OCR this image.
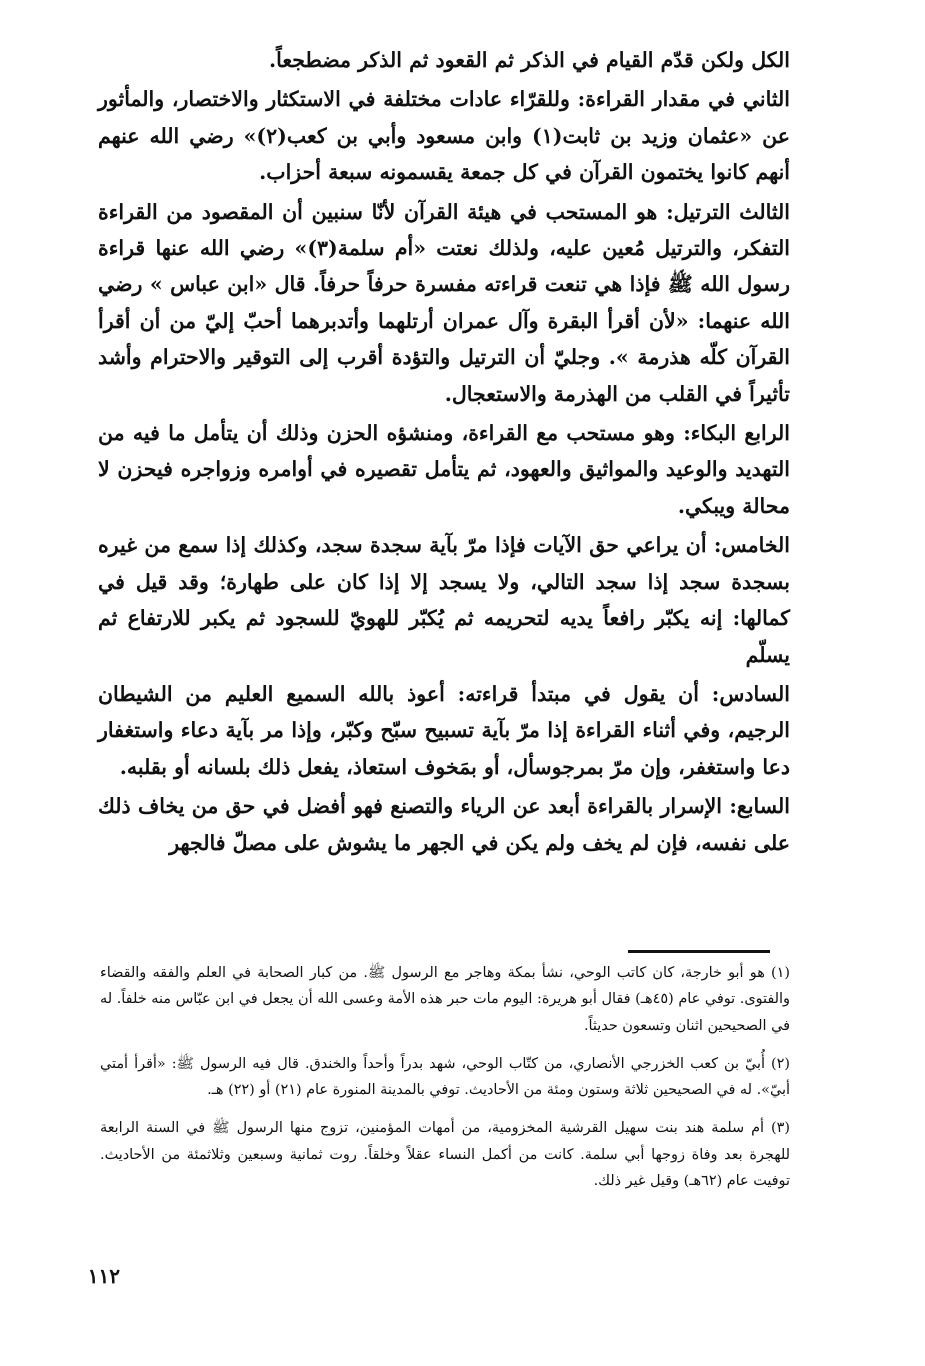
الكل ولكن قدّم القيام في الذكر ثم القعود ثم الذكر مضطجعاً.

الثاني في مقدار القراءة: وللقرّاء عادات مختلفة في الاستكثار والاختصار، والمأثور عن «عثمان وزيد بن ثابت(١) وابن مسعود وأبي بن كعب(٢)» رضي الله عنهم أنهم كانوا يختمون القرآن في كل جمعة يقسمونه سبعة أحزاب.

الثالث الترتيل: هو المستحب في هيئة القرآن لأنّا سنبين أن المقصود من القراءة التفكر، والترتيل مُعين عليه، ولذلك نعتت «أم سلمة(٣)» رضي الله عنها قراءة رسول الله ﷺ فإذا هي تنعت قراءته مفسرة حرفاً حرفاً. قال «ابن عباس » رضي الله عنهما: «لأن أقرأ البقرة وآل عمران أرتلهما وأتدبرهما أحبّ إليّ من أن أقرأ القرآن كلّه هذرمة ». وجليّ أن الترتيل والتؤدة أقرب إلى التوقير والاحترام وأشد تأثيراً في القلب من الهذرمة والاستعجال.

الرابع البكاء: وهو مستحب مع القراءة، ومنشؤه الحزن وذلك أن يتأمل ما فيه من التهديد والوعيد والمواثيق والعهود، ثم يتأمل تقصيره في أوامره وزواجره فيحزن لا محالة ويبكي.

الخامس: أن يراعي حق الآيات فإذا مرّ بآية سجدة سجد، وكذلك إذا سمع من غيره بسجدة سجد إذا سجد التالي، ولا يسجد إلا إذا كان على طهارة؛ وقد قيل في كمالها: إنه يكبّر رافعاً يديه لتحريمه ثم يُكبّر للهويّ للسجود ثم يكبر للارتفاع ثم يسلّم

السادس: أن يقول في مبتدأ قراءته: أعوذ بالله السميع العليم من الشيطان الرجيم، وفي أثناء القراءة إذا مرّ بآية تسبيح سبّح وكبّر، وإذا مر بآية دعاء واستغفار دعا واستغفر، وإن مرّ بمرجوسأل، أو بمَخوف استعاذ، يفعل ذلك بلسانه أو بقلبه.

السابع: الإسرار بالقراءة أبعد عن الرياء والتصنع فهو أفضل في حق من يخاف ذلك على نفسه، فإن لم يخف ولم يكن في الجهر ما يشوش على مصلّ فالجهر

(١) هو أبو خارجة، كان كاتب الوحي، نشأ بمكة وهاجر مع الرسول ﷺ. من كبار الصحابة في العلم والفقه والقضاء والفتوى. توفي عام (٤٥هـ) فقال أبو هريرة: اليوم مات حبر هذه الأمة وعسى الله أن يجعل في ابن عبّاس منه خلفاً. له في الصحيحين اثنان وتسعون حديثاً.

(٢) أُبيّ بن كعب الخزرجي الأنصاري، من كتّاب الوحي، شهد بدراً وأحداً والخندق. قال فيه الرسول ﷺ: «أقرأ أمتي أبيّ». له في الصحيحين ثلاثة وستون ومئة من الأحاديث. توفي بالمدينة المنورة عام (٢١) أو (٢٢) هـ.

(٣) أم سلمة هند بنت سهيل القرشية المخزومية، من أمهات المؤمنين، تزوج منها الرسول ﷺ في السنة الرابعة للهجرة بعد وفاة زوجها أبي سلمة. كانت من أكمل النساء عقلاً وخلقاً. روت ثمانية وسبعين وثلاثمئة من الأحاديث. توفيت عام (٦٢هـ) وقيل غير ذلك.

١١٢
